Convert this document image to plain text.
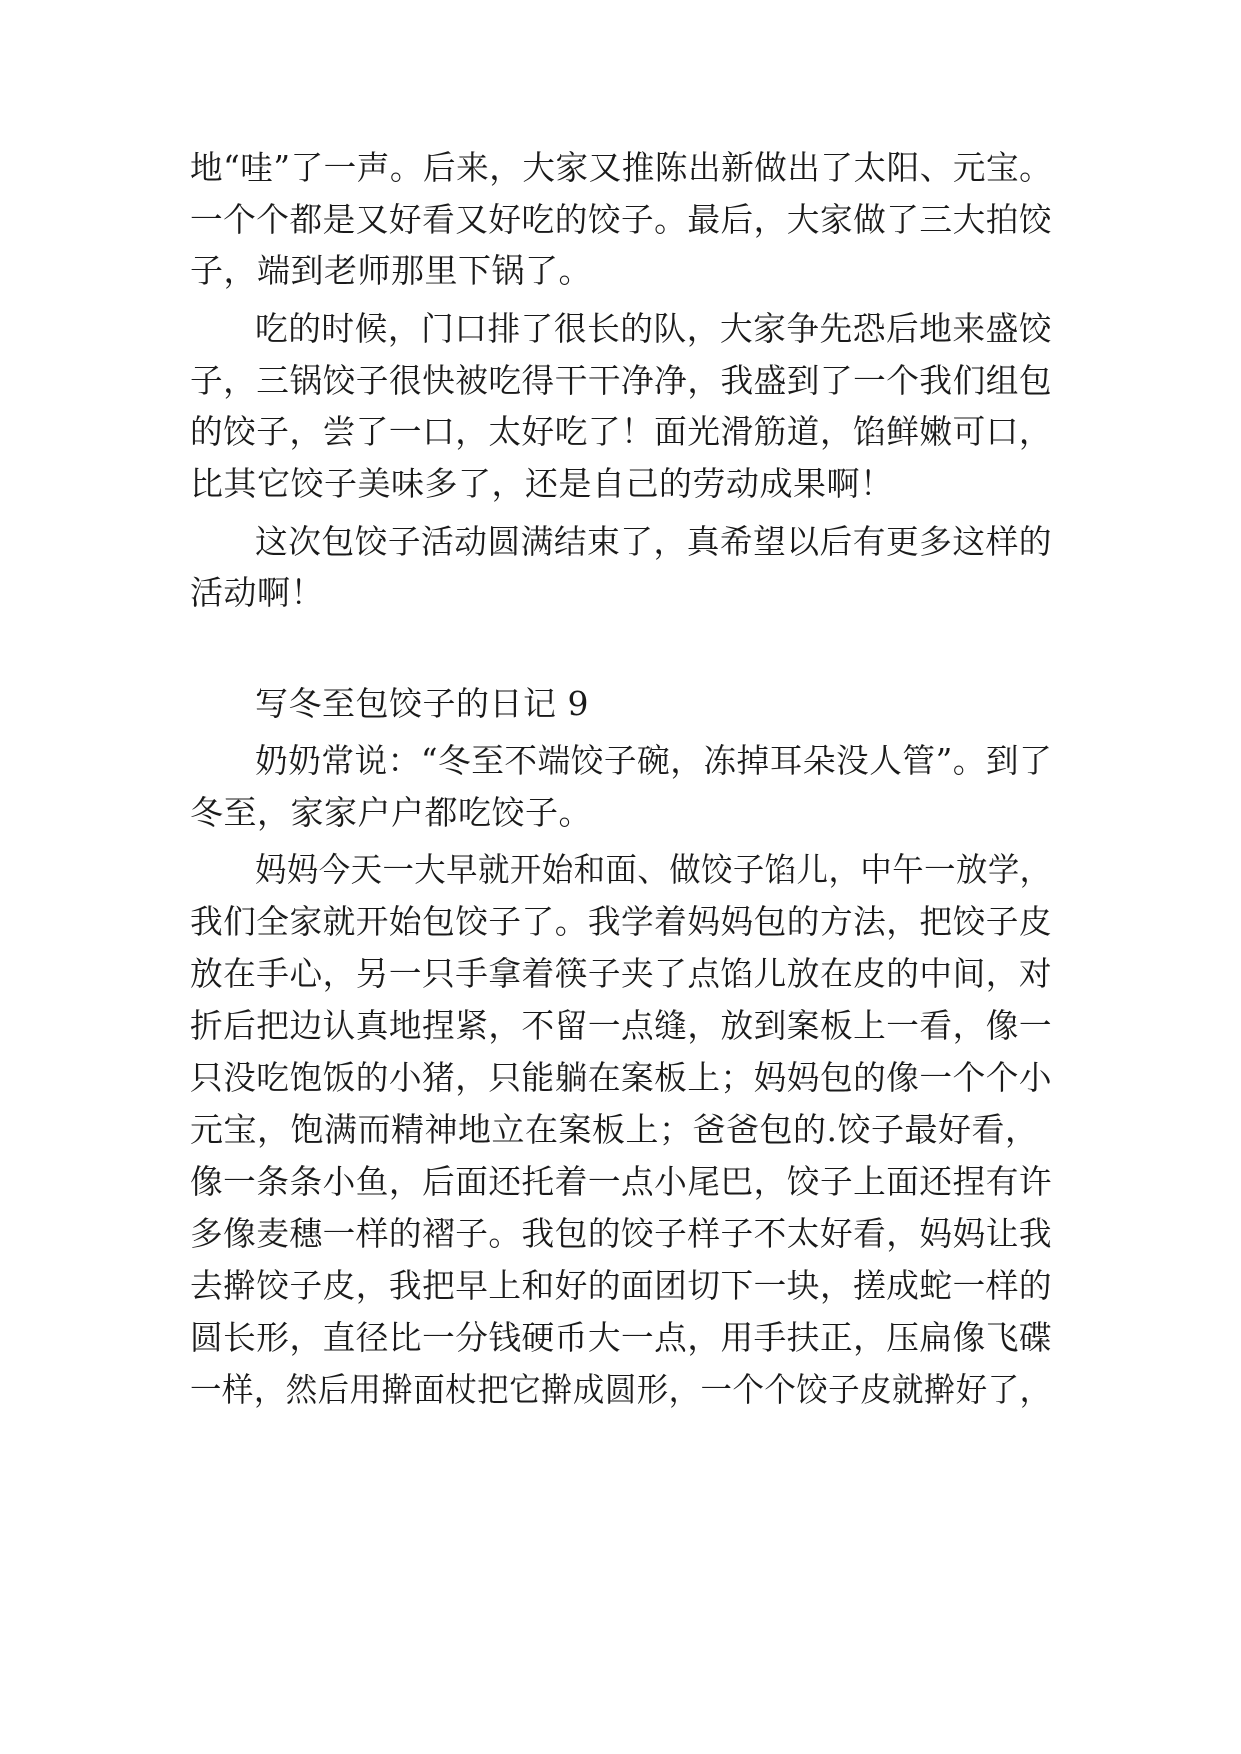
地“哇”了一声。后来，大家又推陈出新做出了太阳、元宝。
一个个都是又好看又好吃的饺子。最后，大家做了三大拍饺
子，端到老师那里下锅了。
吃的时候，门口排了很长的队，大家争先恐后地来盛饺
子，三锅饺子很快被吃得干干净净，我盛到了一个我们组包
的饺子，尝了一口，太好吃了！面光滑筋道，馅鲜嫩可口，
比其它饺子美味多了，还是自己的劳动成果啊！
这次包饺子活动圆满结束了，真希望以后有更多这样的
活动啊！
写冬至包饺子的日记 9
奶奶常说：“冬至不端饺子碗，冻掉耳朵没人管”。到了
冬至，家家户户都吃饺子。
妈妈今天一大早就开始和面、做饺子馅儿，中午一放学，
我们全家就开始包饺子了。我学着妈妈包的方法，把饺子皮
放在手心，另一只手拿着筷子夹了点馅儿放在皮的中间，对
折后把边认真地捏紧，不留一点缝，放到案板上一看，像一
只没吃饱饭的小猪，只能躺在案板上；妈妈包的像一个个小
元宝，饱满而精神地立在案板上；爸爸包的.饺子最好看，
像一条条小鱼，后面还托着一点小尾巴，饺子上面还捏有许
多像麦穗一样的褶子。我包的饺子样子不太好看，妈妈让我
去擀饺子皮，我把早上和好的面团切下一块，搓成蛇一样的
圆长形，直径比一分钱硬币大一点，用手扶正，压扁像飞碟
一样，然后用擀面杖把它擀成圆形，一个个饺子皮就擀好了，
